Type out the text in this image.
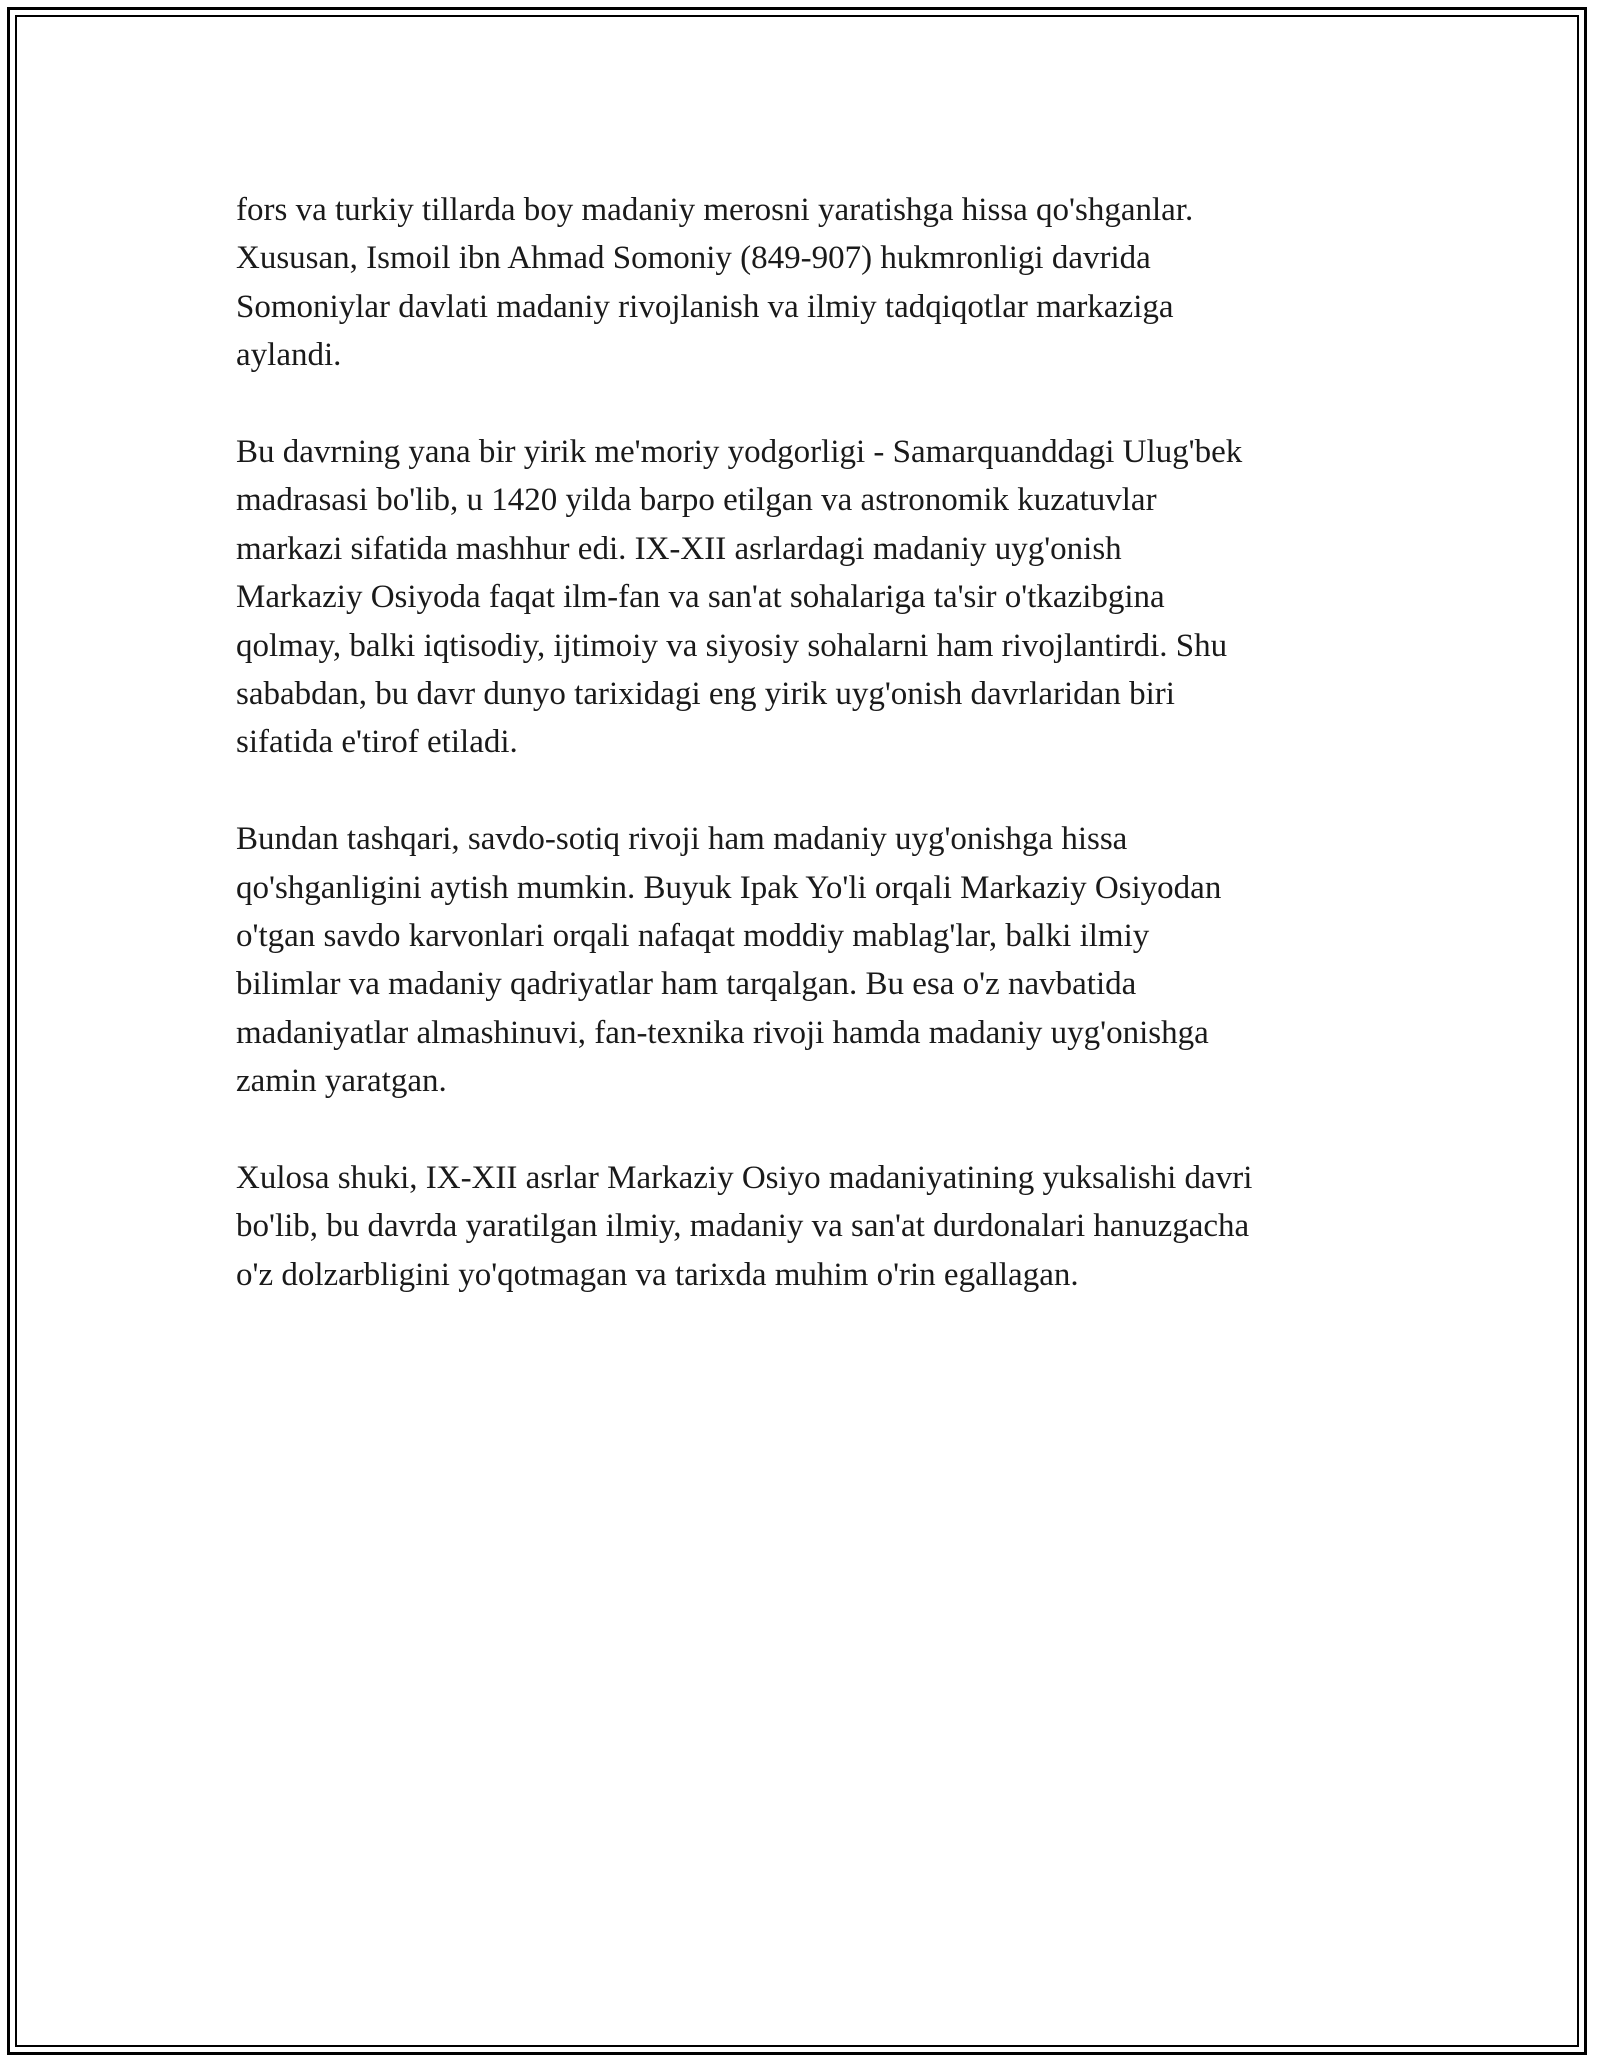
fors va turkiy tillarda boy madaniy merosni yaratishga hissa qo'shganlar.
Xususan, Ismoil ibn Ahmad Somoniy (849-907) hukmronligi davrida
Somoniylar davlati madaniy rivojlanish va ilmiy tadqiqotlar markaziga
aylandi.

Bu davrning yana bir yirik me'moriy yodgorligi - Samarquanddagi Ulug'bek
madrasasi bo'lib, u 1420 yilda barpo etilgan va astronomik kuzatuvlar
markazi sifatida mashhur edi. IX-XII asrlardagi madaniy uyg'onish
Markaziy Osiyoda faqat ilm-fan va san'at sohalariga ta'sir o'tkazibgina
qolmay, balki iqtisodiy, ijtimoiy va siyosiy sohalarni ham rivojlantirdi. Shu
sababdan, bu davr dunyo tarixidagi eng yirik uyg'onish davrlaridan biri
sifatida e'tirof etiladi.

Bundan tashqari, savdo-sotiq rivoji ham madaniy uyg'onishga hissa
qo'shganligini aytish mumkin. Buyuk Ipak Yo'li orqali Markaziy Osiyodan
o'tgan savdo karvonlari orqali nafaqat moddiy mablag'lar, balki ilmiy
bilimlar va madaniy qadriyatlar ham tarqalgan. Bu esa o'z navbatida
madaniyatlar almashinuvi, fan-texnika rivoji hamda madaniy uyg'onishga
zamin yaratgan.

Xulosa shuki, IX-XII asrlar Markaziy Osiyo madaniyatining yuksalishi davri
bo'lib, bu davrda yaratilgan ilmiy, madaniy va san'at durdonalari hanuzgacha
o'z dolzarbligini yo'qotmagan va tarixda muhim o'rin egallagan.
